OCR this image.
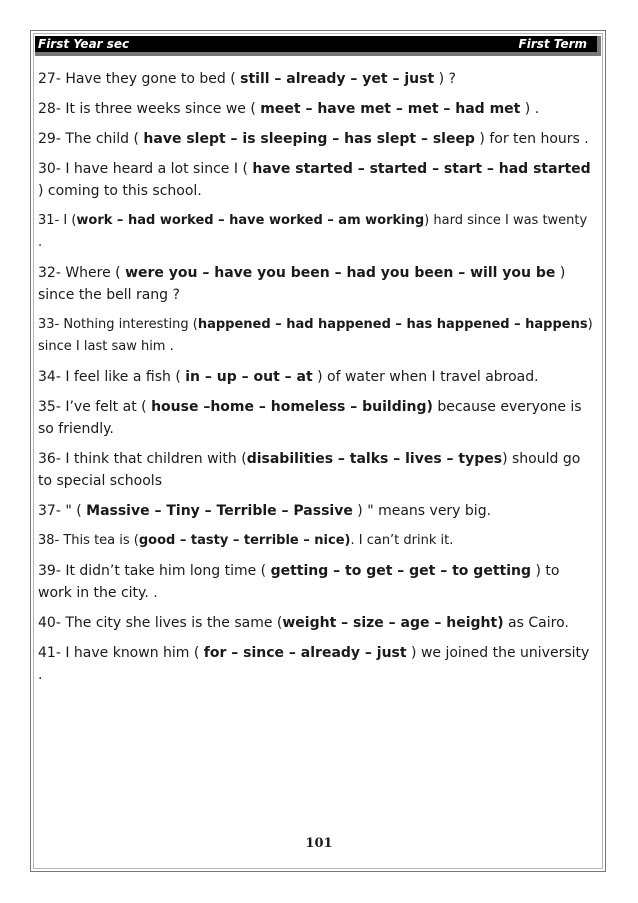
First Year sec	First Term
27- Have they gone to bed ( still – already – yet – just ) ?
28- It is three weeks since we ( meet – have met – met – had met ) .
29- The child ( have slept – is sleeping – has slept – sleep ) for ten hours .
30- I have heard a lot since I ( have started – started – start – had started ) coming to this school.
31- I (work – had worked – have worked – am working) hard since I was twenty .
32- Where ( were you – have you been – had you been – will you be ) since the bell rang ?
33- Nothing interesting (happened – had happened – has happened – happens) since I last saw him .
34- I feel like a fish ( in – up – out – at ) of water when I travel abroad.
35- I’ve felt at ( house –home – homeless – building) because everyone is so friendly.
36- I think that children with (disabilities – talks – lives – types) should go to special schools
37- " ( Massive – Tiny – Terrible – Passive ) " means very big.
38- This tea is (good – tasty – terrible – nice). I can’t drink it.
39- It didn’t take him long time ( getting – to get – get – to getting ) to work in the city. .
40- The city she lives is the same (weight – size – age – height) as Cairo.
41- I have known him ( for – since – already – just ) we joined the university .
101
